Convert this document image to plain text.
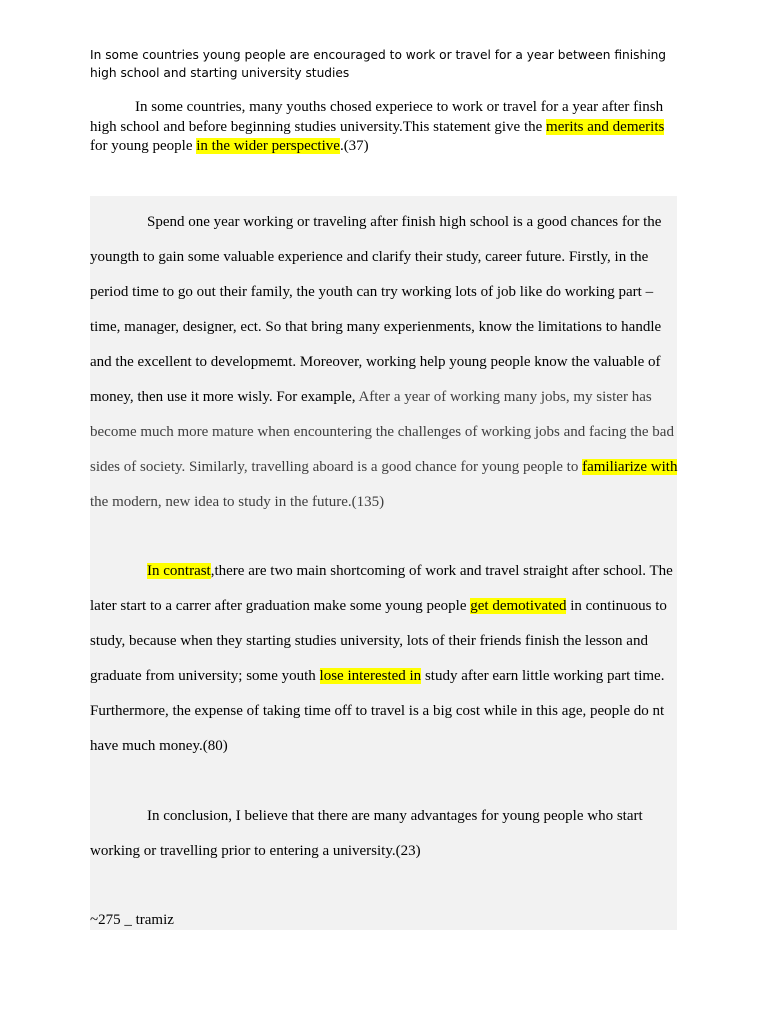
In some countries young people are encouraged to work or travel for a year between finishing high school and starting university studies

In some countries, many youths chosed experiece to work or travel for a year after finsh high school and before beginning studies university.This statement give the merits and demerits for young people in the wider perspective.(37)

Spend one year working or traveling after finish high school is a good chances for the youngth to gain some valuable experience and clarify their study, career future. Firstly, in the period time to go out their family, the youth can try working lots of job like do working part – time, manager, designer, ect. So that bring many experienments, know the limitations to handle and the excellent to developmemt. Moreover, working help young people know the valuable of money, then use it more wisly. For example, After a year of working many jobs, my sister has become much more mature when encountering the challenges of working jobs and facing the bad sides of society. Similarly, travelling aboard is a good chance for young people to familiarize with the modern, new idea to study in the future.(135)

In contrast,there are two main shortcoming of work and travel straight after school. The later start to a carrer after graduation make some young people get demotivated in continuous to study, because when they starting studies university, lots of their friends finish the lesson and graduate from university; some youth lose interested in study after earn little working part time. Furthermore, the expense of taking time off to travel is a big cost while in this age, people do nt have much money.(80)

In conclusion, I believe that there are many advantages for young people who start working or travelling prior to entering a university.(23)

~275 _ tramiz
